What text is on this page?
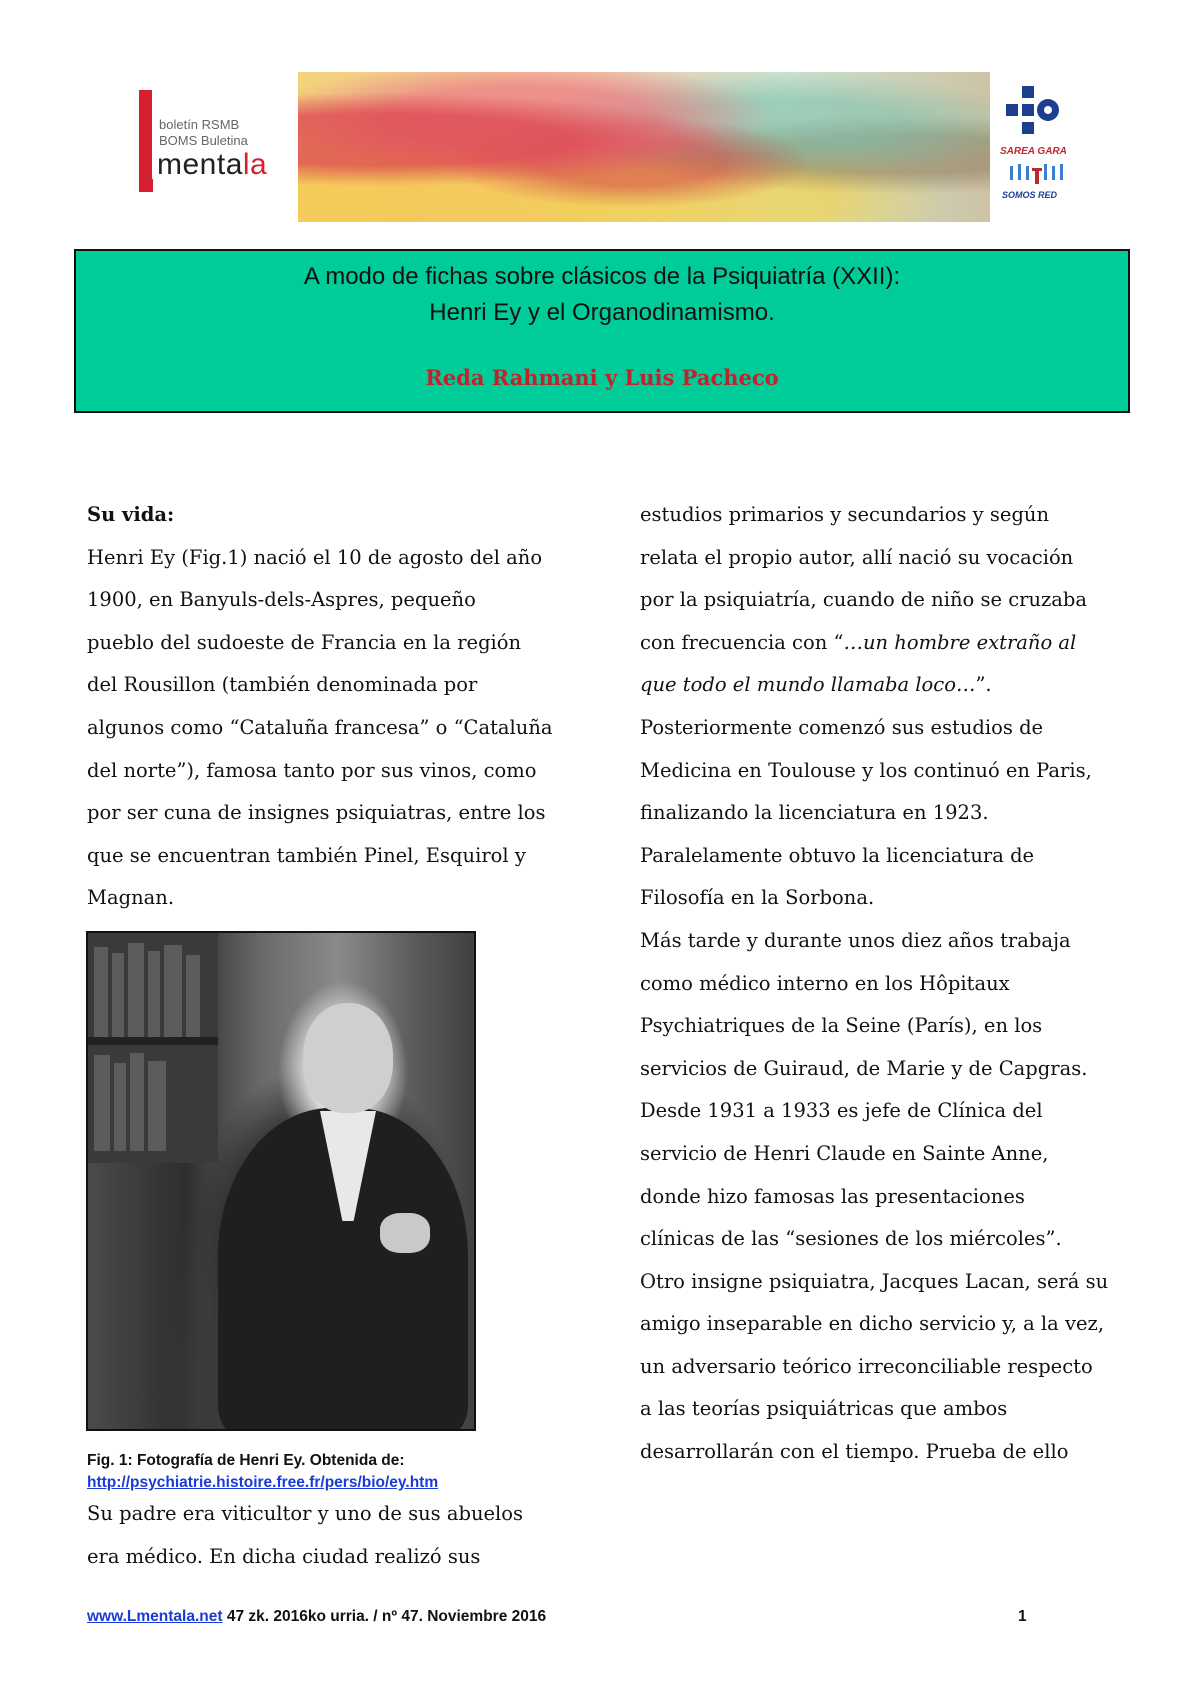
boletín RSMB
BOMS Buletina
mentala	SAREA GARA
SOMOS RED
A modo de fichas sobre clásicos de la Psiquiatría (XXII):
Henri Ey y el Organodinamismo.
Reda Rahmani y Luis Pacheco
Su vida:
Henri Ey (Fig.1) nació el 10 de agosto del año
1900, en Banyuls-dels-Aspres, pequeño
pueblo del sudoeste de Francia en la región
del Rousillon (también denominada por
algunos como “Cataluña francesa” o “Cataluña
del norte”), famosa tanto por sus vinos, como
por ser cuna de insignes psiquiatras, entre los
que se encuentran también Pinel, Esquirol y
Magnan.
Fig. 1: Fotografía de Henri Ey. Obtenida de:
http://psychiatrie.histoire.free.fr/pers/bio/ey.htm
Su padre era viticultor y uno de sus abuelos
era médico. En dicha ciudad realizó sus
estudios primarios y secundarios y según
relata el propio autor, allí nació su vocación
por la psiquiatría, cuando de niño se cruzaba
con frecuencia con “…un hombre extraño al
que todo el mundo llamaba loco…”.
Posteriormente comenzó sus estudios de
Medicina en Toulouse y los continuó en Paris,
finalizando la licenciatura en 1923.
Paralelamente obtuvo la licenciatura de
Filosofía en la Sorbona.
Más tarde y durante unos diez años trabaja
como médico interno en los Hôpitaux
Psychiatriques de la Seine (París), en los
servicios de Guiraud, de Marie y de Capgras.
Desde 1931 a 1933 es jefe de Clínica del
servicio de Henri Claude en Sainte Anne,
donde hizo famosas las presentaciones
clínicas de las “sesiones de los miércoles”.
Otro insigne psiquiatra, Jacques Lacan, será su
amigo inseparable en dicho servicio y, a la vez,
un adversario teórico irreconciliable respecto
a las teorías psiquiátricas que ambos
desarrollarán con el tiempo. Prueba de ello
www.Lmentala.net 47 zk. 2016ko urria. / nº 47. Noviembre 2016	1
